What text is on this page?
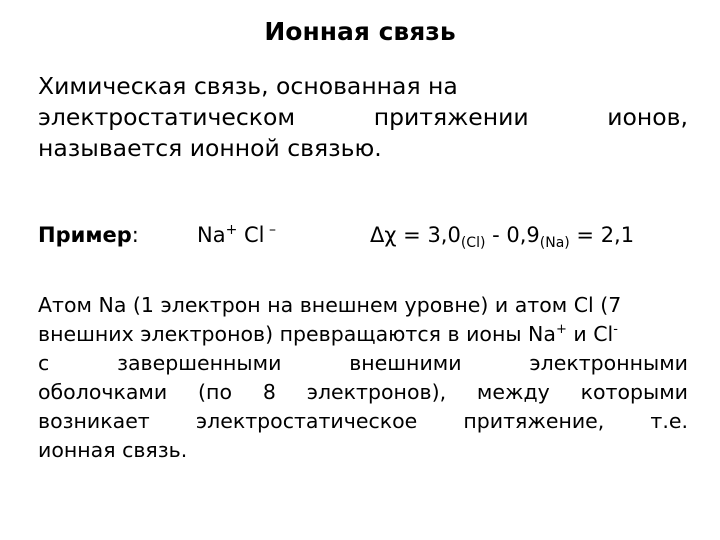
Ионная связь
Химическая связь, основанная на
электростатическом притяжении ионов,
называется ионной связью.
Пример:	Na+ Cl –	$\Delta\chi = 3,0_{(Cl)} - 0,9_{(Na)} = 2,1$
Атом Na (1 электрон на внешнем уровне) и атом Cl (7
внешних электронов) превращаются в ионы Na+ и Cl-
с завершенными внешними электронными
оболочками (по 8 электронов), между которыми
возникает электростатическое притяжение, т.е.
ионная связь.
